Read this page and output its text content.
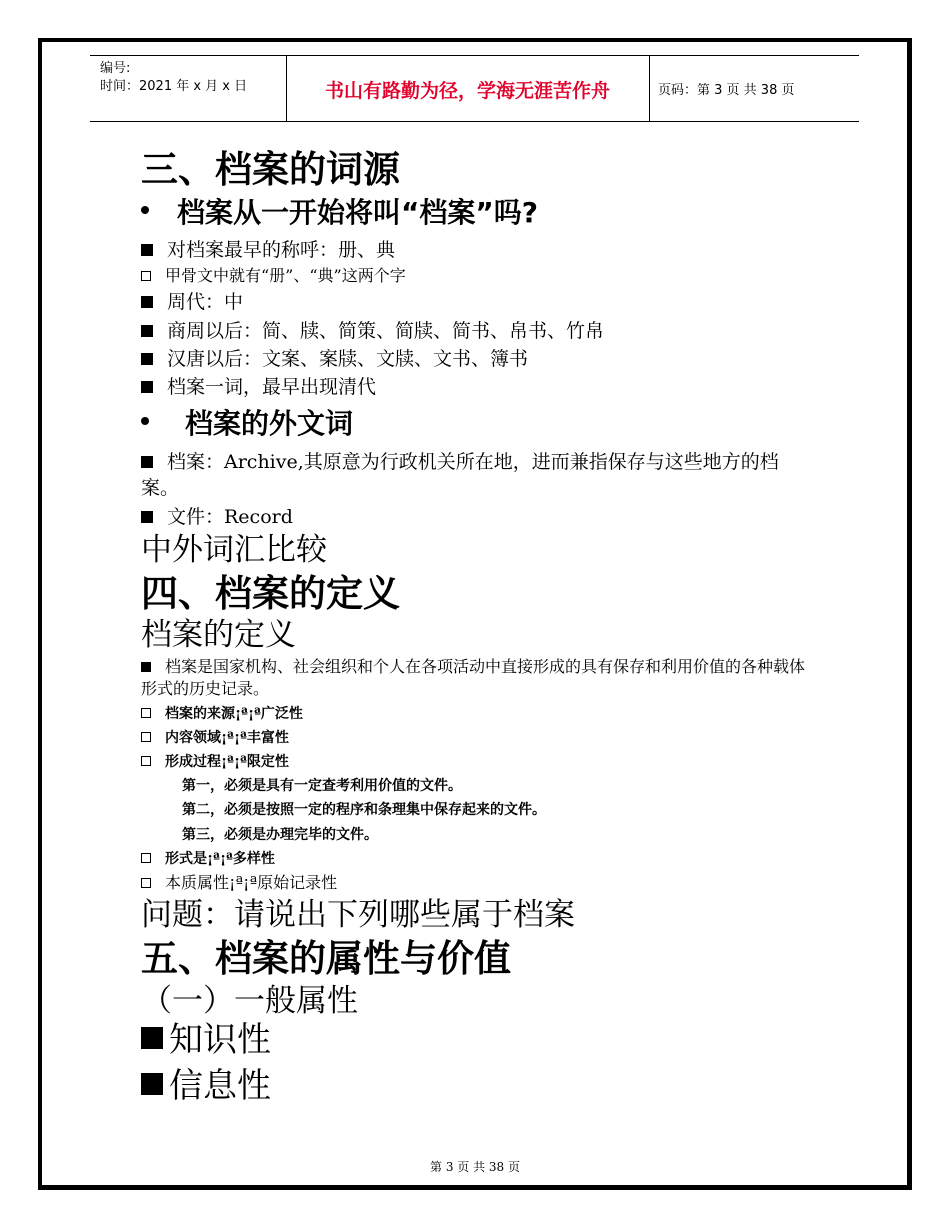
编号:
时间：2021 年 x 月 x 日	书山有路勤为径，学海无涯苦作舟	页码：第 3 页 共 38 页
三、档案的词源
档案从一开始将叫“档案”吗?
对档案最早的称呼：册、典
甲骨文中就有“册”、“典”这两个字
周代：中
商周以后：简、牍、简策、简牍、简书、帛书、竹帛
汉唐以后：文案、案牍、文牍、文书、簿书
档案一词，最早出现清代
档案的外文词
档案：Archive,其原意为行政机关所在地，进而兼指保存与这些地方的档案。
文件：Record
中外词汇比较
四、档案的定义
档案的定义
档案是国家机构、社会组织和个人在各项活动中直接形成的具有保存和利用价值的各种载体形式的历史记录。
档案的来源¡ª¡ª广泛性
内容领域¡ª¡ª丰富性
形成过程¡ª¡ª限定性
第一，必须是具有一定查考利用价值的文件。
第二，必须是按照一定的程序和条理集中保存起来的文件。
第三，必须是办理完毕的文件。
形式是¡ª¡ª多样性
本质属性¡ª¡ª原始记录性
问题：请说出下列哪些属于档案
五、档案的属性与价值
（一）一般属性
知识性
信息性
第 3 页 共 38 页
